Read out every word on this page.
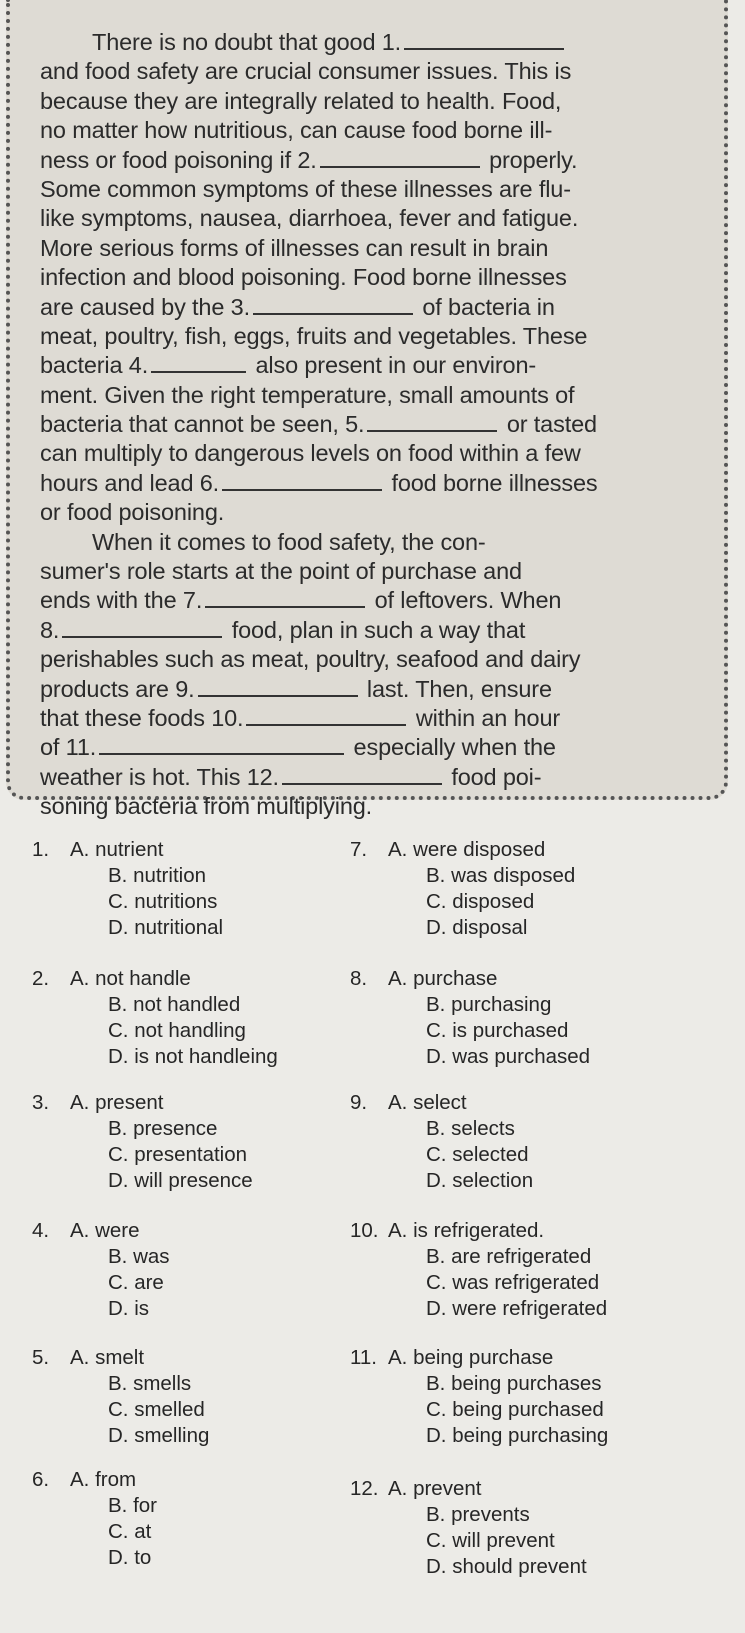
There is no doubt that good 1.
and food safety are crucial consumer issues. This is
because they are integrally related to health. Food,
no matter how nutritious, can cause food borne ill-
ness or food poisoning if 2.	properly.
Some common symptoms of these illnesses are flu-
like symptoms, nausea, diarrhoea, fever and fatigue.
More serious forms of illnesses can result in brain
infection and blood poisoning. Food borne illnesses
are caused by the 3.	of bacteria in
meat, poultry, fish, eggs, fruits and vegetables. These
bacteria 4.	also present in our environ-
ment. Given the right temperature, small amounts of
bacteria that cannot be seen, 5.	or tasted
can multiply to dangerous levels on food within a few
hours and lead 6.	food borne illnesses
or food poisoning.
When it comes to food safety, the con-
sumer's role starts at the point of purchase and
ends with the 7.	of leftovers. When
8.	food, plan in such a way that
perishables such as meat, poultry, seafood and dairy
products are 9.	last. Then, ensure
that these foods 10.	within an hour
of 11.	especially when the
weather is hot. This 12.	food poi-
soning bacteria from multiplying.
1. A. nutrient
B. nutrition
C. nutritions
D. nutritional
2. A. not handle
B. not handled
C. not handling
D. is not handleing
3. A. present
B. presence
C. presentation
D. will presence
4. A. were
B. was
C. are
D. is
5. A. smelt
B. smells
C. smelled
D. smelling
6. A. from
B. for
C. at
D. to
7. A. were disposed
B. was disposed
C. disposed
D. disposal
8. A. purchase
B. purchasing
C. is purchased
D. was purchased
9. A. select
B. selects
C. selected
D. selection
10. A. is refrigerated.
B. are refrigerated
C. was refrigerated
D. were refrigerated
11. A. being purchase
B. being purchases
C. being purchased
D. being purchasing
12. A. prevent
B. prevents
C. will prevent
D. should prevent
